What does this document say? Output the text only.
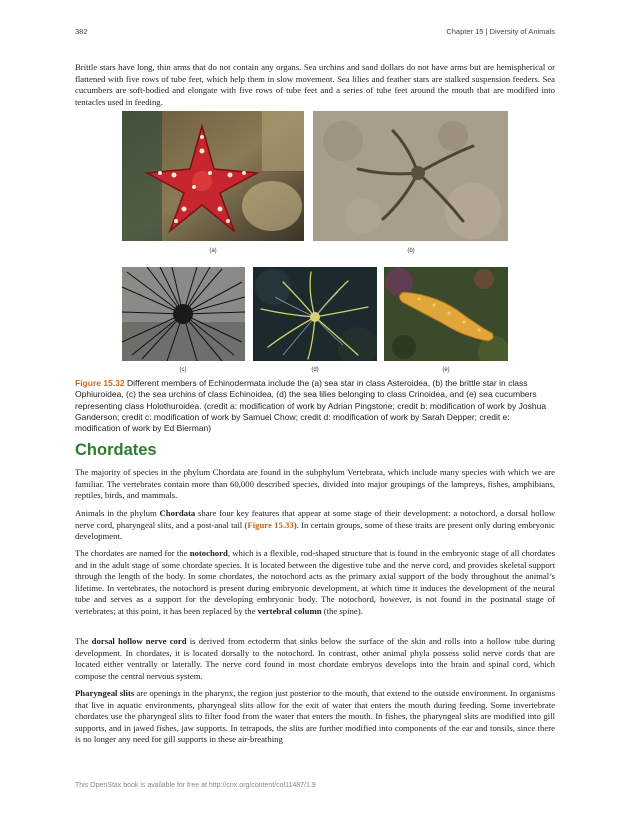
382	Chapter 15 | Diversity of Animals

Brittle stars have long, thin arms that do not contain any organs. Sea urchins and sand dollars do not have arms but are hemispherical or flattened with five rows of tube feet, which help them in slow movement. Sea lilies and feather stars are stalked suspension feeders. Sea cucumbers are soft-bodied and elongate with five rows of tube feet and a series of tube feet around the mouth that are modified into tentacles used in feeding.

(a)	(b)
(c)	(d)	(e)

Figure 15.32 Different members of Echinodermata include the (a) sea star in class Asteroidea, (b) the brittle star in class Ophiuroidea, (c) the sea urchins of class Echinoidea, (d) the sea lilies belonging to class Crinoidea, and (e) sea cucumbers representing class Holothuroidea. (credit a: modification of work by Adrian Pingstone; credit b: modification of work by Joshua Ganderson; credit c: modification of work by Samuel Chow; credit d: modification of work by Sarah Depper; credit e: modification of work by Ed Bierman)

Chordates

The majority of species in the phylum Chordata are found in the subphylum Vertebrata, which include many species with which we are familiar. The vertebrates contain more than 60,000 described species, divided into major groupings of the lampreys, fishes, amphibians, reptiles, birds, and mammals.

Animals in the phylum Chordata share four key features that appear at some stage of their development: a notochord, a dorsal hollow nerve cord, pharyngeal slits, and a post-anal tail (Figure 15.33). In certain groups, some of these traits are present only during embryonic development.

The chordates are named for the notochord, which is a flexible, rod-shaped structure that is found in the embryonic stage of all chordates and in the adult stage of some chordate species. It is located between the digestive tube and the nerve cord, and provides skeletal support through the length of the body. In some chordates, the notochord acts as the primary axial support of the body throughout the animal’s lifetime. In vertebrates, the notochord is present during embryonic development, at which time it induces the development of the neural tube and serves as a support for the developing embryonic body. The notochord, however, is not found in the postnatal stage of vertebrates; at this point, it has been replaced by the vertebral column (the spine).

The dorsal hollow nerve cord is derived from ectoderm that sinks below the surface of the skin and rolls into a hollow tube during development. In chordates, it is located dorsally to the notochord. In contrast, other animal phyla possess solid nerve cords that are located either ventrally or laterally. The nerve cord found in most chordate embryos develops into the brain and spinal cord, which compose the central nervous system.

Pharyngeal slits are openings in the pharynx, the region just posterior to the mouth, that extend to the outside environment. In organisms that live in aquatic environments, pharyngeal slits allow for the exit of water that enters the mouth during feeding. Some invertebrate chordates use the pharyngeal slits to filter food from the water that enters the mouth. In fishes, the pharyngeal slits are modified into gill supports, and in jawed fishes, jaw supports. In tetrapods, the slits are further modified into components of the ear and tonsils, since there is no longer any need for gill supports in these air-breathing

This OpenStax book is available for free at http://cnx.org/content/col11487/1.9
